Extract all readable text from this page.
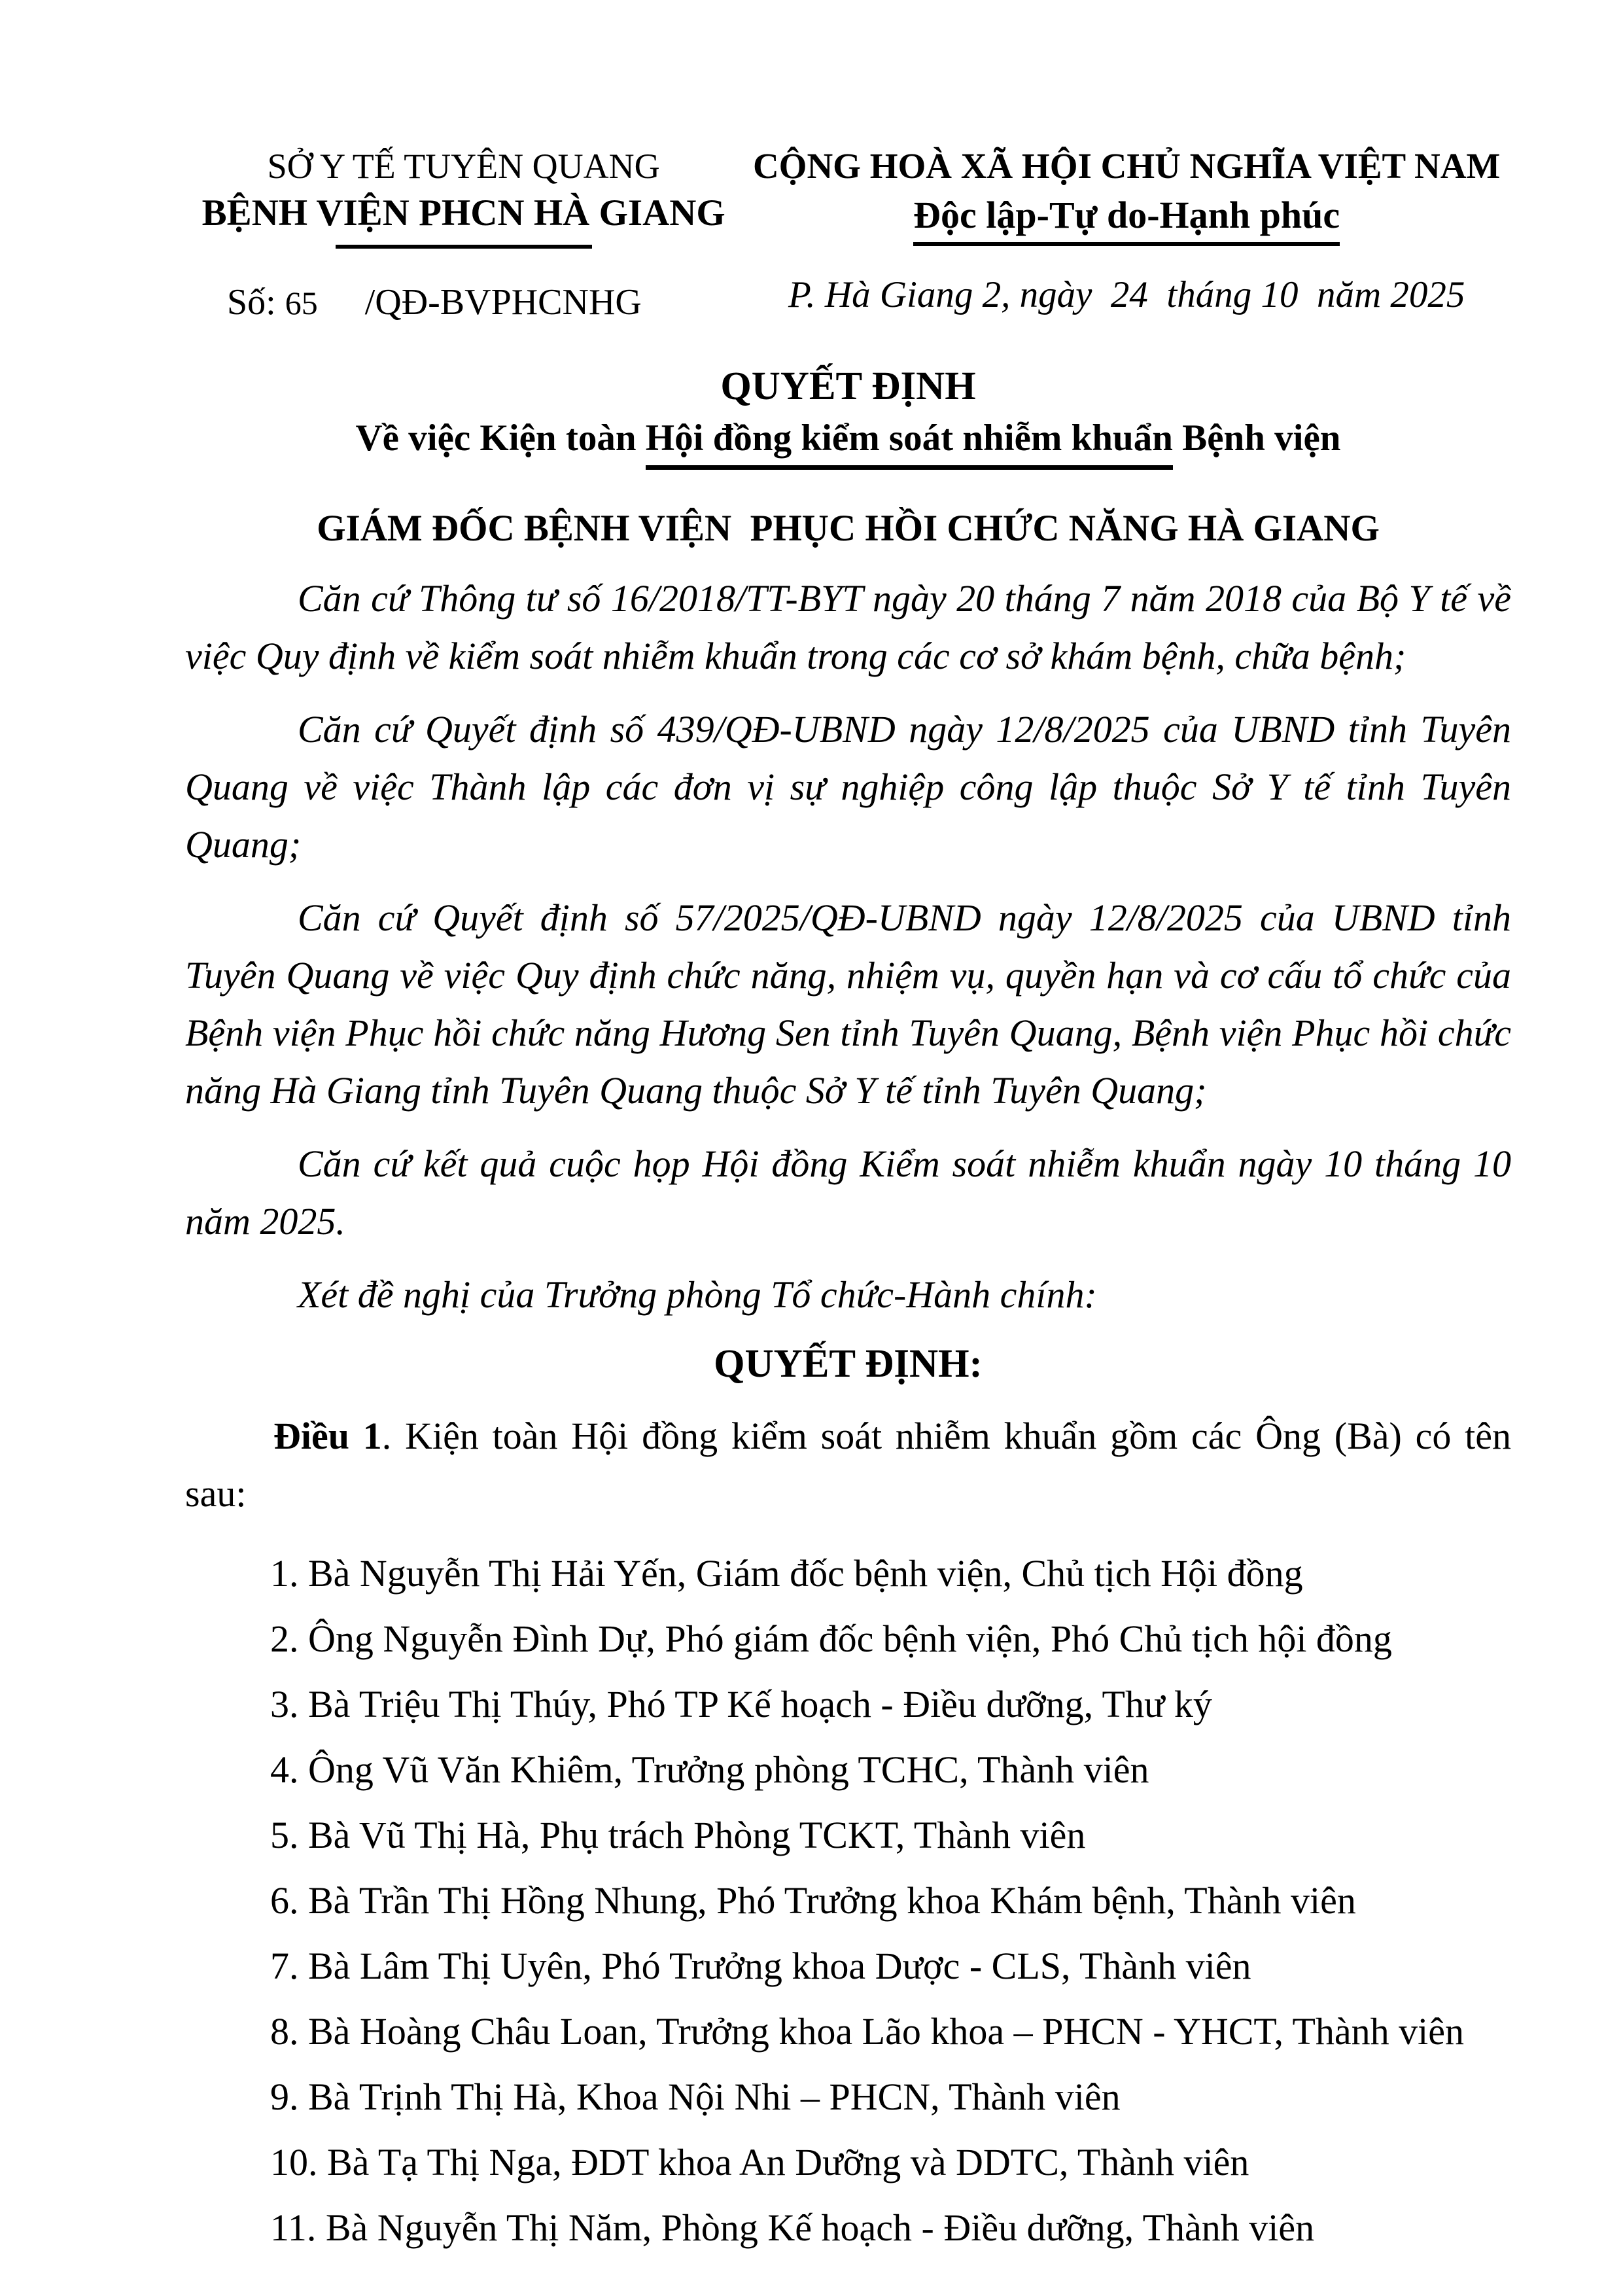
SỞ Y TẾ TUYÊN QUANG
BỆNH VIỆN PHCN HÀ GIANG
Số: 65 /QĐ-BVPHCNHG
CỘNG HOÀ XÃ HỘI CHỦ NGHĨA VIỆT NAM
Độc lập-Tự do-Hạnh phúc
P. Hà Giang 2, ngày  24  tháng 10  năm 2025
QUYẾT ĐỊNH
Về việc Kiện toàn Hội đồng kiểm soát nhiễm khuẩn Bệnh viện
GIÁM ĐỐC BỆNH VIỆN  PHỤC HỒI CHỨC NĂNG HÀ GIANG

Căn cứ Thông tư số 16/2018/TT-BYT ngày 20 tháng 7 năm 2018 của Bộ Y tế về việc Quy định về kiểm soát nhiễm khuẩn trong các cơ sở khám bệnh, chữa bệnh;

Căn cứ Quyết định số 439/QĐ-UBND ngày 12/8/2025 của UBND tỉnh Tuyên Quang về việc Thành lập các đơn vị sự nghiệp công lập thuộc Sở Y tế tỉnh Tuyên Quang;

Căn cứ Quyết định số 57/2025/QĐ-UBND ngày 12/8/2025 của UBND tỉnh Tuyên Quang về việc Quy định chức năng, nhiệm vụ, quyền hạn và cơ cấu tổ chức của Bệnh viện Phục hồi chức năng Hương Sen tỉnh Tuyên Quang, Bệnh viện Phục hồi chức năng Hà Giang tỉnh Tuyên Quang thuộc Sở Y tế tỉnh Tuyên Quang;

Căn cứ kết quả cuộc họp Hội đồng Kiểm soát nhiễm khuẩn ngày 10 tháng 10 năm 2025.

Xét đề nghị của Trưởng phòng Tổ chức-Hành chính:

QUYẾT ĐỊNH:
Điều 1. Kiện toàn Hội đồng kiểm soát nhiễm khuẩn gồm các Ông (Bà) có tên
sau:

1. Bà Nguyễn Thị Hải Yến, Giám đốc bệnh viện, Chủ tịch Hội đồng

2. Ông Nguyễn Đình Dự, Phó giám đốc bệnh viện, Phó Chủ tịch hội đồng

3. Bà Triệu Thị Thúy, Phó TP Kế hoạch - Điều dưỡng, Thư ký

4. Ông Vũ Văn Khiêm, Trưởng phòng TCHC, Thành viên

5. Bà Vũ Thị Hà, Phụ trách Phòng TCKT, Thành viên

6. Bà Trần Thị Hồng Nhung, Phó Trưởng khoa Khám bệnh, Thành viên

7. Bà Lâm Thị Uyên, Phó Trưởng khoa Dược - CLS, Thành viên

8. Bà Hoàng Châu Loan, Trưởng khoa Lão khoa – PHCN - YHCT, Thành viên

9. Bà Trịnh Thị Hà, Khoa Nội Nhi – PHCN, Thành viên

10. Bà Tạ Thị Nga, ĐDT khoa An Dưỡng và DDTC, Thành viên

11. Bà Nguyễn Thị Năm, Phòng Kế hoạch - Điều dưỡng, Thành viên
